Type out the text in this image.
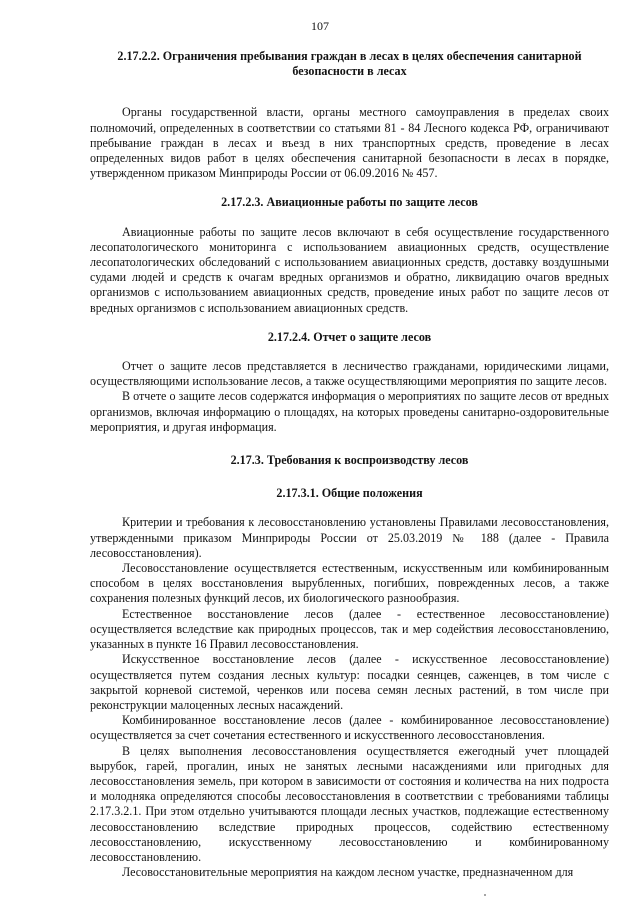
107
2.17.2.2. Ограничения пребывания граждан в лесах в целях обеспечения санитарной безопасности в лесах

Органы государственной власти, органы местного самоуправления в пределах своих полномочий, определенных в соответствии со статьями 81 - 84 Лесного кодекса РФ, ограничивают пребывание граждан в лесах и въезд в них транспортных средств, проведение в лесах определенных видов работ в целях обеспечения санитарной безопасности в лесах в порядке, утвержденном приказом Минприроды России от 06.09.2016 № 457.

2.17.2.3. Авиационные работы по защите лесов

Авиационные работы по защите лесов включают в себя осуществление государственного лесопатологического мониторинга с использованием авиационных средств, осуществление лесопатологических обследований с использованием авиационных средств, доставку воздушными судами людей и средств к очагам вредных организмов и обратно, ликвидацию очагов вредных организмов с использованием авиационных средств, проведение иных работ по защите лесов от вредных организмов с использованием авиационных средств.

2.17.2.4. Отчет о защите лесов

Отчет о защите лесов представляется в лесничество гражданами, юридическими лицами, осуществляющими использование лесов, а также осуществляющими мероприятия по защите лесов.

В отчете о защите лесов содержатся информация о мероприятиях по защите лесов от вредных организмов, включая информацию о площадях, на которых проведены санитарно-оздоровительные мероприятия, и другая информация.

2.17.3. Требования к воспроизводству лесов
2.17.3.1. Общие положения

Критерии и требования к лесовосстановлению установлены Правилами лесовосстановления, утвержденными приказом Минприроды России от 25.03.2019 № 188 (далее - Правила лесовосстановления).

Лесовосстановление осуществляется естественным, искусственным или комбинированным способом в целях восстановления вырубленных, погибших, поврежденных лесов, а также сохранения полезных функций лесов, их биологического разнообразия.

Естественное восстановление лесов (далее - естественное лесовосстановление) осуществляется вследствие как природных процессов, так и мер содействия лесовосстановлению, указанных в пункте 16 Правил лесовосстановления.

Искусственное восстановление лесов (далее - искусственное лесовосстановление) осуществляется путем создания лесных культур: посадки сеянцев, саженцев, в том числе с закрытой корневой системой, черенков или посева семян лесных растений, в том числе при реконструкции малоценных лесных насаждений.

Комбинированное восстановление лесов (далее - комбинированное лесовосстановление) осуществляется за счет сочетания естественного и искусственного лесовосстановления.

В целях выполнения лесовосстановления осуществляется ежегодный учет площадей вырубок, гарей, прогалин, иных не занятых лесными насаждениями или пригодных для лесовосстановления земель, при котором в зависимости от состояния и количества на них подроста и молодняка определяются способы лесовосстановления в соответствии с требованиями таблицы 2.17.3.2.1. При этом отдельно учитываются площади лесных участков, подлежащие естественному лесовосстановлению вследствие природных процессов, содействию естественному лесовосстановлению, искусственному лесовосстановлению и комбинированному лесовосстановлению.

Лесовосстановительные мероприятия на каждом лесном участке, предназначенном для
